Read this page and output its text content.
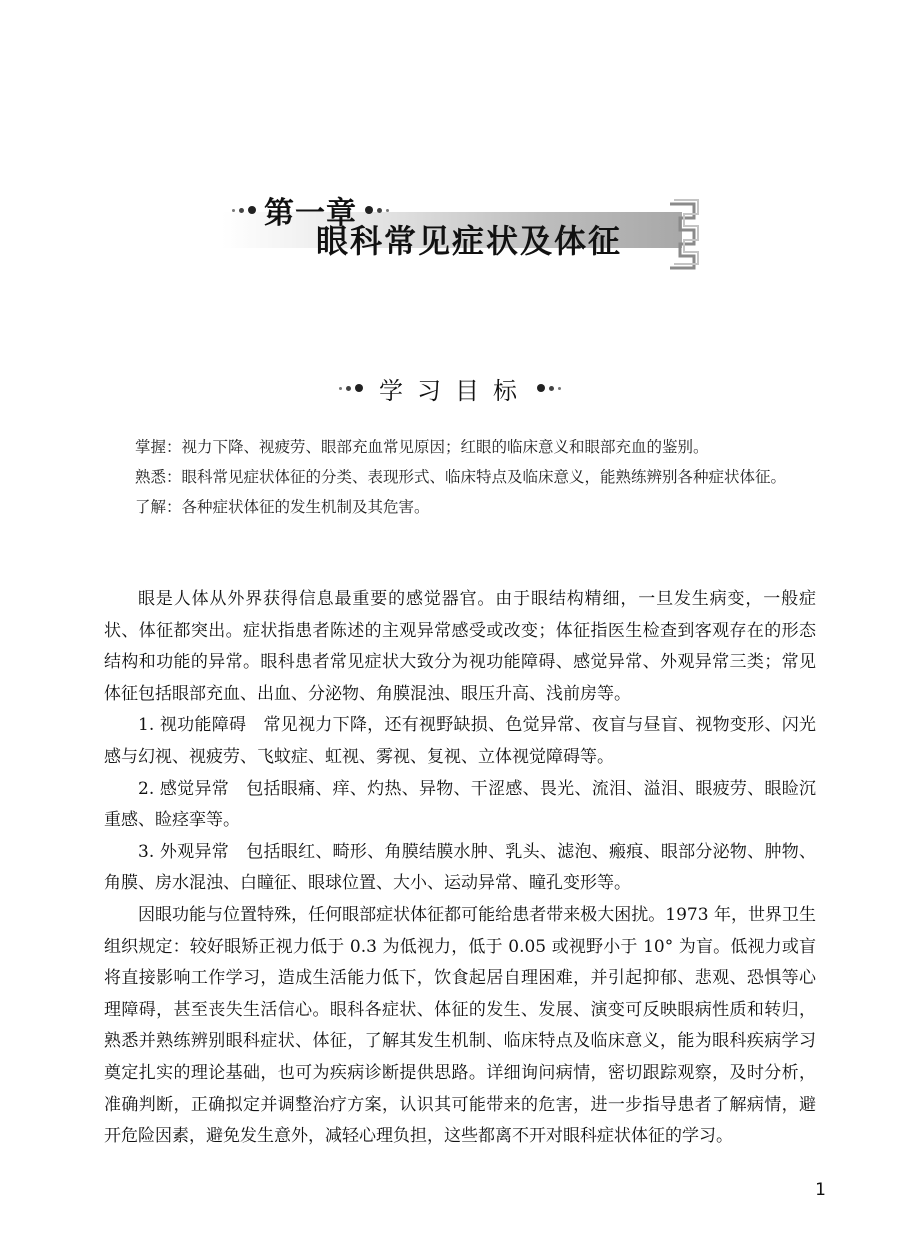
第一章
眼科常见症状及体征
学习目标

掌握：视力下降、视疲劳、眼部充血常见原因；红眼的临床意义和眼部充血的鉴别。

熟悉：眼科常见症状体征的分类、表现形式、临床特点及临床意义，能熟练辨别各种症状体征。

了解：各种症状体征的发生机制及其危害。

眼是人体从外界获得信息最重要的感觉器官。由于眼结构精细，一旦发生病变，一般症状、体征都突出。症状指患者陈述的主观异常感受或改变；体征指医生检查到客观存在的形态结构和功能的异常。眼科患者常见症状大致分为视功能障碍、感觉异常、外观异常三类；常见体征包括眼部充血、出血、分泌物、角膜混浊、眼压升高、浅前房等。

1. 视功能障碍　常见视力下降，还有视野缺损、色觉异常、夜盲与昼盲、视物变形、闪光感与幻视、视疲劳、飞蚊症、虹视、雾视、复视、立体视觉障碍等。

2. 感觉异常　包括眼痛、痒、灼热、异物、干涩感、畏光、流泪、溢泪、眼疲劳、眼睑沉重感、睑痉挛等。

3. 外观异常　包括眼红、畸形、角膜结膜水肿、乳头、滤泡、瘢痕、眼部分泌物、肿物、角膜、房水混浊、白瞳征、眼球位置、大小、运动异常、瞳孔变形等。

因眼功能与位置特殊，任何眼部症状体征都可能给患者带来极大困扰。1973 年，世界卫生组织规定：较好眼矫正视力低于 0.3 为低视力，低于 0.05 或视野小于 10° 为盲。低视力或盲将直接影响工作学习，造成生活能力低下，饮食起居自理困难，并引起抑郁、悲观、恐惧等心理障碍，甚至丧失生活信心。眼科各症状、体征的发生、发展、演变可反映眼病性质和转归，熟悉并熟练辨别眼科症状、体征，了解其发生机制、临床特点及临床意义，能为眼科疾病学习奠定扎实的理论基础，也可为疾病诊断提供思路。详细询问病情，密切跟踪观察，及时分析，准确判断，正确拟定并调整治疗方案，认识其可能带来的危害，进一步指导患者了解病情，避开危险因素，避免发生意外，减轻心理负担，这些都离不开对眼科症状体征的学习。

1
